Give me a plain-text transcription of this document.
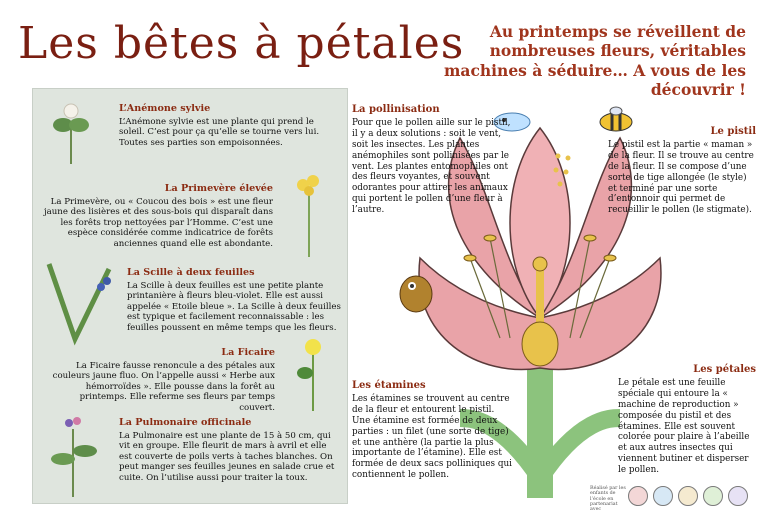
Les bêtes à pétales	Au printemps se réveillent de nombreuses fleurs, véritables machines à séduire… A vous de les découvrir !
L’Anémone sylvie

L’Anémone sylvie est une plante qui prend le soleil. C’est pour ça qu’elle se tourne vers lui. Toutes ses parties son empoisonnées.

La Primevère élevée

La Primevère, ou « Coucou des bois » est une fleur jaune des lisières et des sous-bois qui disparaît dans les forêts trop nettoyées par l’Homme. C’est une espèce considérée comme indicatrice de forêts anciennes quand elle est abondante.

La Scille à deux feuilles

La Scille à deux feuilles est une petite plante printanière à fleurs bleu-violet. Elle est aussi appelée « Etoile bleue ». La Scille à deux feuilles est typique et facilement reconnaissable : les feuilles poussent en même temps que les fleurs.

La Ficaire

La Ficaire fausse renoncule a des pétales aux couleurs jaune fluo. On l’appelle aussi « Herbe aux hémorroïdes ». Elle pousse dans la forêt au printemps. Elle referme ses fleurs par temps couvert.

La Pulmonaire officinale

La Pulmonaire est une plante de 15 à 50 cm, qui vit en groupe. Elle fleurit de mars à avril et elle est couverte de poils verts à taches blanches. On peut manger ses feuilles jeunes en salade crue et cuite. On l’utilise aussi pour traiter la toux.

La pollinisation

Pour que le pollen aille sur le pistil, il y a deux solutions : soit le vent, soit les insectes. Les plantes anémophiles sont pollinisées par le vent. Les plantes entomophiles ont des fleurs voyantes, et souvent odorantes pour attirer les animaux qui portent le pollen d’une fleur à l’autre.

Le pistil

Le pistil est la partie « maman » de la fleur. Il se trouve au centre de la fleur. Il se compose d’une sorte de tige allongée (le style) et terminé par une sorte d’entonnoir qui permet de recueillir le pollen (le stigmate).

Les étamines

Les étamines se trouvent au centre de la fleur et entourent le pistil. Une étamine est formée de deux parties : un filet (une sorte de tige) et une anthère (la partie la plus importante de l’étamine). Elle est formée de deux sacs polliniques qui contiennent le pollen.

Les pétales

Le pétale est une feuille spéciale qui entoure la « machine de reproduction » composée du pistil et des étamines. Elle est souvent colorée pour plaire à l’abeille et aux autres insectes qui viennent butiner et disperser le pollen.

Réalisé par les enfants de l’école en partenariat avec
